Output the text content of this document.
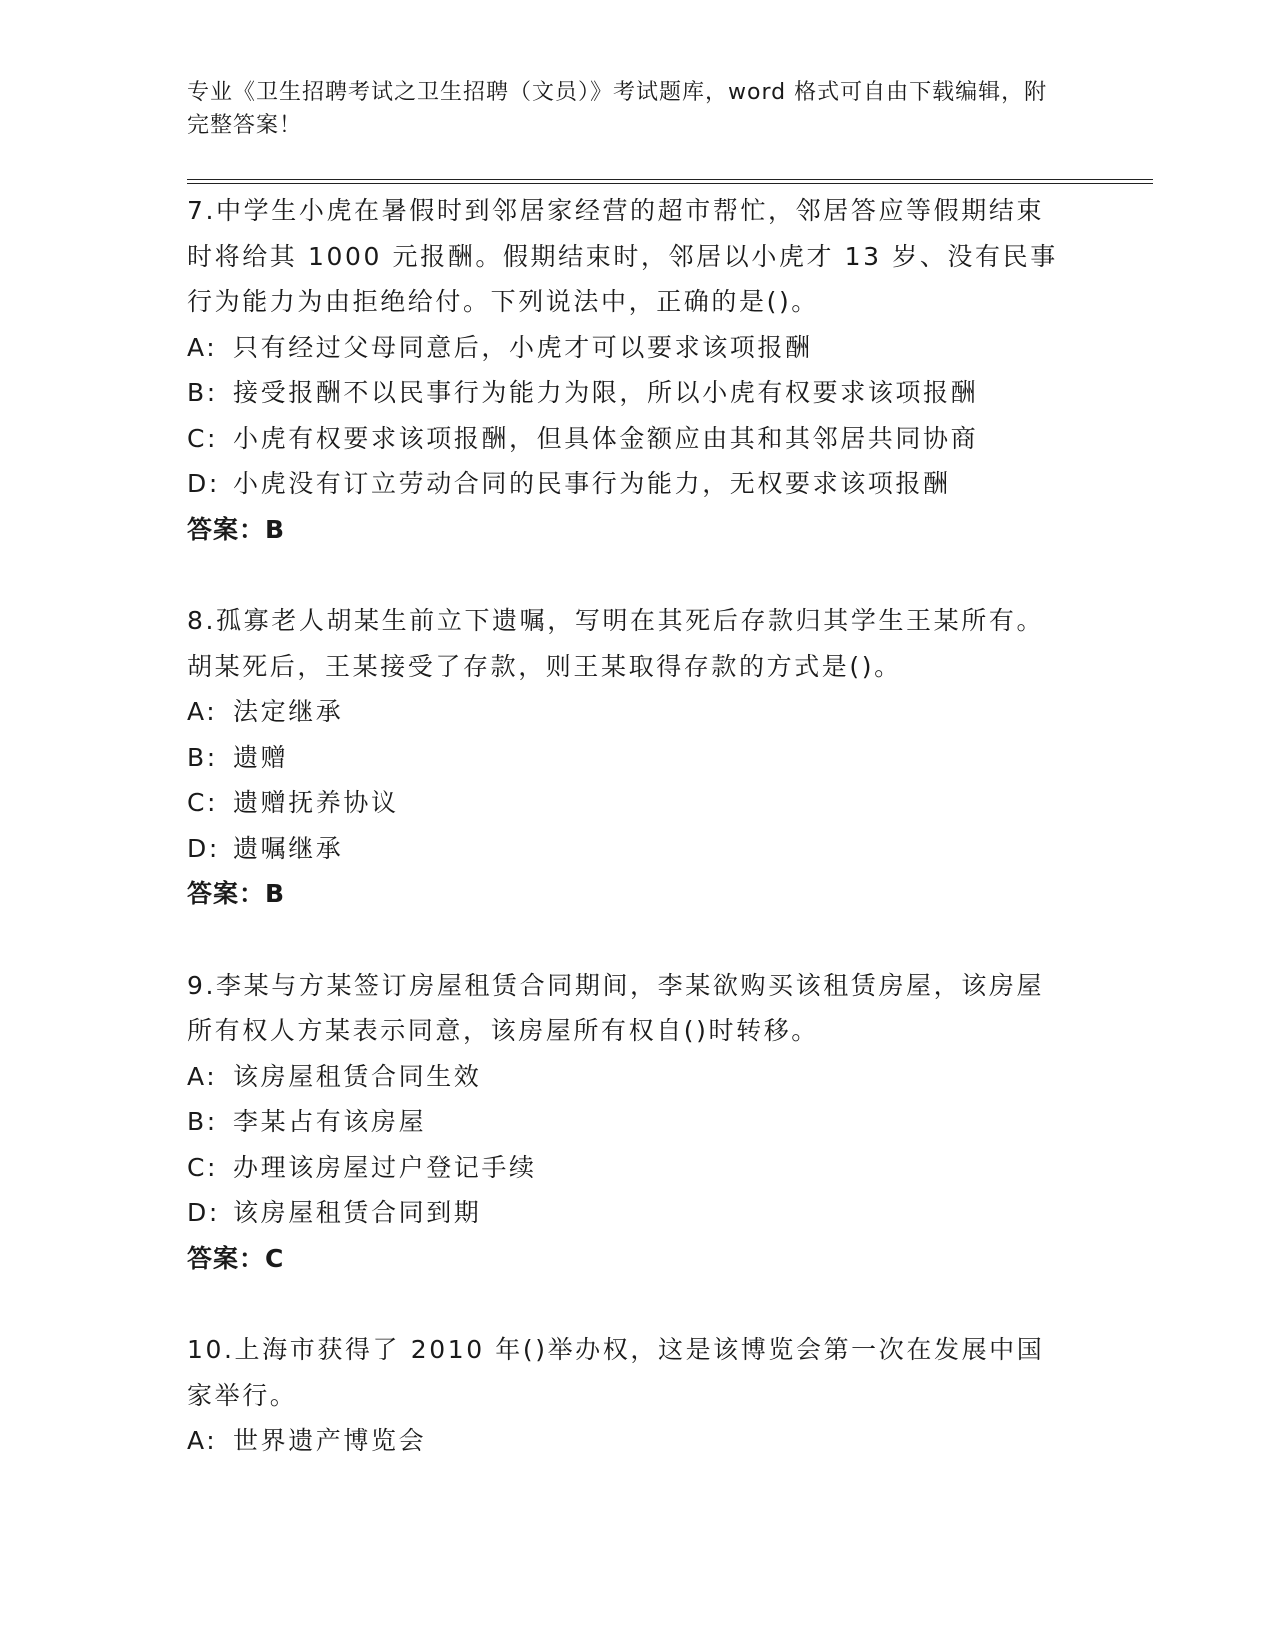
专业《卫生招聘考试之卫生招聘（文员）》考试题库，word 格式可自由下载编辑，附完整答案！
7.中学生小虎在暑假时到邻居家经营的超市帮忙，邻居答应等假期结束时将给其 1000 元报酬。假期结束时，邻居以小虎才 13 岁、没有民事行为能力为由拒绝给付。下列说法中，正确的是()。
A: 只有经过父母同意后，小虎才可以要求该项报酬
B: 接受报酬不以民事行为能力为限，所以小虎有权要求该项报酬
C: 小虎有权要求该项报酬，但具体金额应由其和其邻居共同协商
D: 小虎没有订立劳动合同的民事行为能力，无权要求该项报酬
答案：B
8.孤寡老人胡某生前立下遗嘱，写明在其死后存款归其学生王某所有。胡某死后，王某接受了存款，则王某取得存款的方式是()。
A: 法定继承
B: 遗赠
C: 遗赠抚养协议
D: 遗嘱继承
答案：B
9.李某与方某签订房屋租赁合同期间，李某欲购买该租赁房屋，该房屋所有权人方某表示同意，该房屋所有权自()时转移。
A: 该房屋租赁合同生效
B: 李某占有该房屋
C: 办理该房屋过户登记手续
D: 该房屋租赁合同到期
答案：C
10.上海市获得了 2010 年()举办权，这是该博览会第一次在发展中国家举行。
A: 世界遗产博览会
